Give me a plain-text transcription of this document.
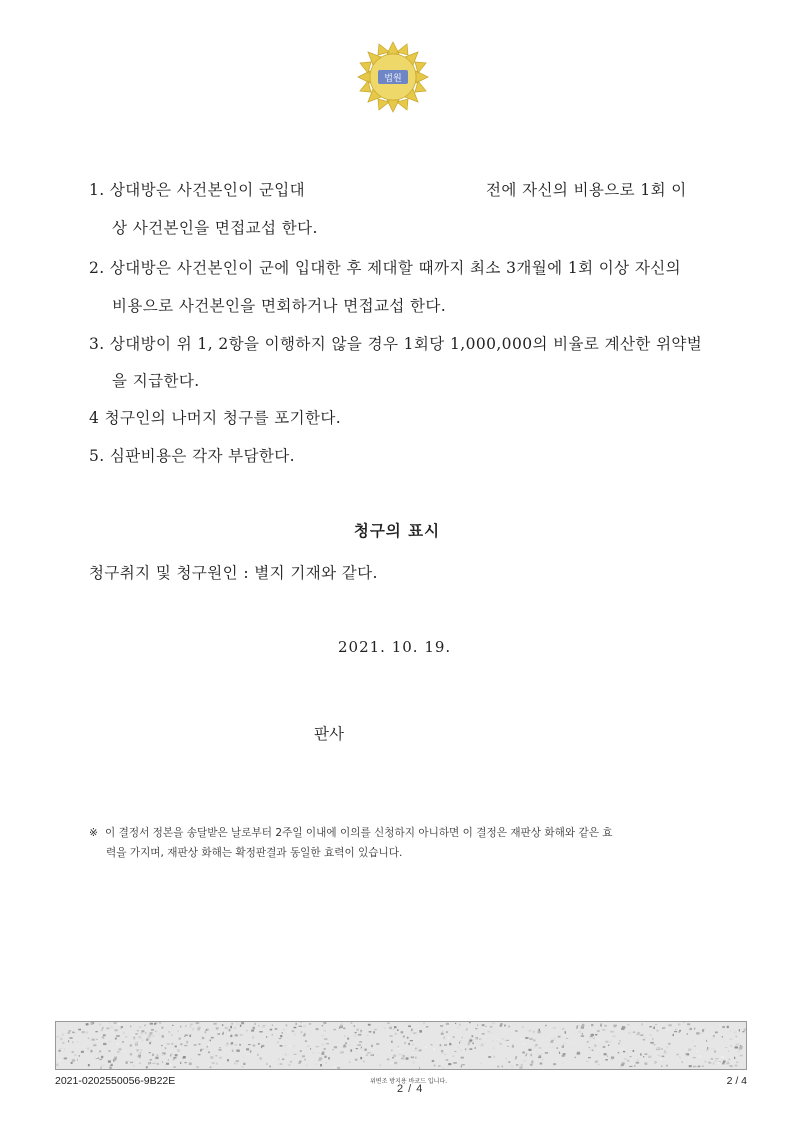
법원
1. 상대방은 사건본인이 군입대	전에 자신의 비용으로 1회 이
상 사건본인을 면접교섭 한다.
2. 상대방은 사건본인이 군에 입대한 후 제대할 때까지 최소 3개월에 1회 이상 자신의
비용으로 사건본인을 면회하거나 면접교섭 한다.
3. 상대방이 위 1, 2항을 이행하지 않을 경우 1회당 1,000,000의 비율로 계산한 위약벌
을 지급한다.
4 청구인의 나머지 청구를 포기한다.
5. 심판비용은 각자 부담한다.
청구의 표시
청구취지 및 청구원인 : 별지 기재와 같다.
2021. 10. 19.
판사
※ 이 결정서 정본을 송달받은 날로부터 2주일 이내에 이의를 신청하지 아니하면 이 결정은 재판상 화해와 같은 효
력을 가지며, 재판상 화해는 확정판결과 동일한 효력이 있습니다.
2021-0202550056-9B22E	위변조 방지용 바코드 입니다.
2 / 4
2 / 4
